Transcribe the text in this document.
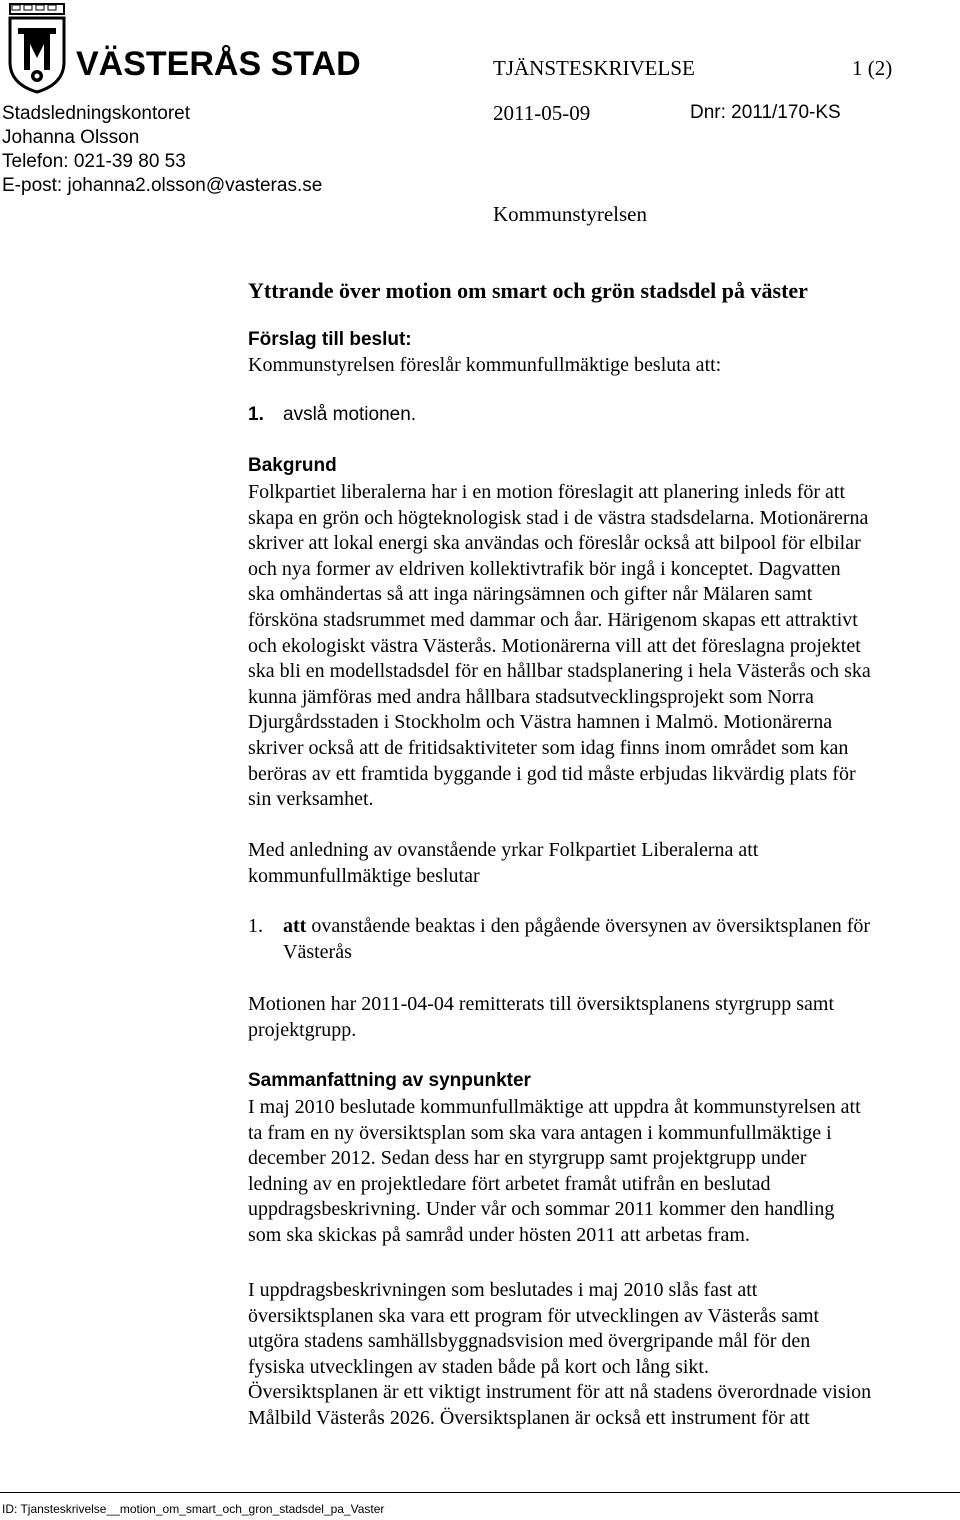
VÄSTERÅS STAD	TJÄNSTESKRIVELSE	1 (2)
Stadsledningskontoret
Johanna Olsson
Telefon: 021-39 80 53
E-post: johanna2.olsson@vasteras.se
2011-05-09	Dnr: 2011/170-KS
Kommunstyrelsen
Yttrande över motion om smart och grön stadsdel på väster
Förslag till beslut:
Kommunstyrelsen föreslår kommunfullmäktige besluta att:
1. avslå motionen.
Bakgrund
Folkpartiet liberalerna har i en motion föreslagit att planering inleds för att
skapa en grön och högteknologisk stad i de västra stadsdelarna. Motionärerna
skriver att lokal energi ska användas och föreslår också att bilpool för elbilar
och nya former av eldriven kollektivtrafik bör ingå i konceptet. Dagvatten
ska omhändertas så att inga näringsämnen och gifter når Mälaren samt
försköna stadsrummet med dammar och åar. Härigenom skapas ett attraktivt
och ekologiskt västra Västerås. Motionärerna vill att det föreslagna projektet
ska bli en modellstadsdel för en hållbar stadsplanering i hela Västerås och ska
kunna jämföras med andra hållbara stadsutvecklingsprojekt som Norra
Djurgårdsstaden i Stockholm och Västra hamnen i Malmö. Motionärerna
skriver också att de fritidsaktiviteter som idag finns inom området som kan
beröras av ett framtida byggande i god tid måste erbjudas likvärdig plats för
sin verksamhet.
Med anledning av ovanstående yrkar Folkpartiet Liberalerna att
kommunfullmäktige beslutar
1. att ovanstående beaktas i den pågående översynen av översiktsplanen för
Västerås
Motionen har 2011-04-04 remitterats till översiktsplanens styrgrupp samt
projektgrupp.
Sammanfattning av synpunkter
I maj 2010 beslutade kommunfullmäktige att uppdra åt kommunstyrelsen att
ta fram en ny översiktsplan som ska vara antagen i kommunfullmäktige i
december 2012. Sedan dess har en styrgrupp samt projektgrupp under
ledning av en projektledare fört arbetet framåt utifrån en beslutad
uppdragsbeskrivning. Under vår och sommar 2011 kommer den handling
som ska skickas på samråd under hösten 2011 att arbetas fram.
I uppdragsbeskrivningen som beslutades i maj 2010 slås fast att
översiktsplanen ska vara ett program för utvecklingen av Västerås samt
utgöra stadens samhällsbyggnadsvision med övergripande mål för den
fysiska utvecklingen av staden både på kort och lång sikt.
Översiktsplanen är ett viktigt instrument för att nå stadens överordnade vision
Målbild Västerås 2026. Översiktsplanen är också ett instrument för att
ID: Tjansteskrivelse__motion_om_smart_och_gron_stadsdel_pa_Vaster
